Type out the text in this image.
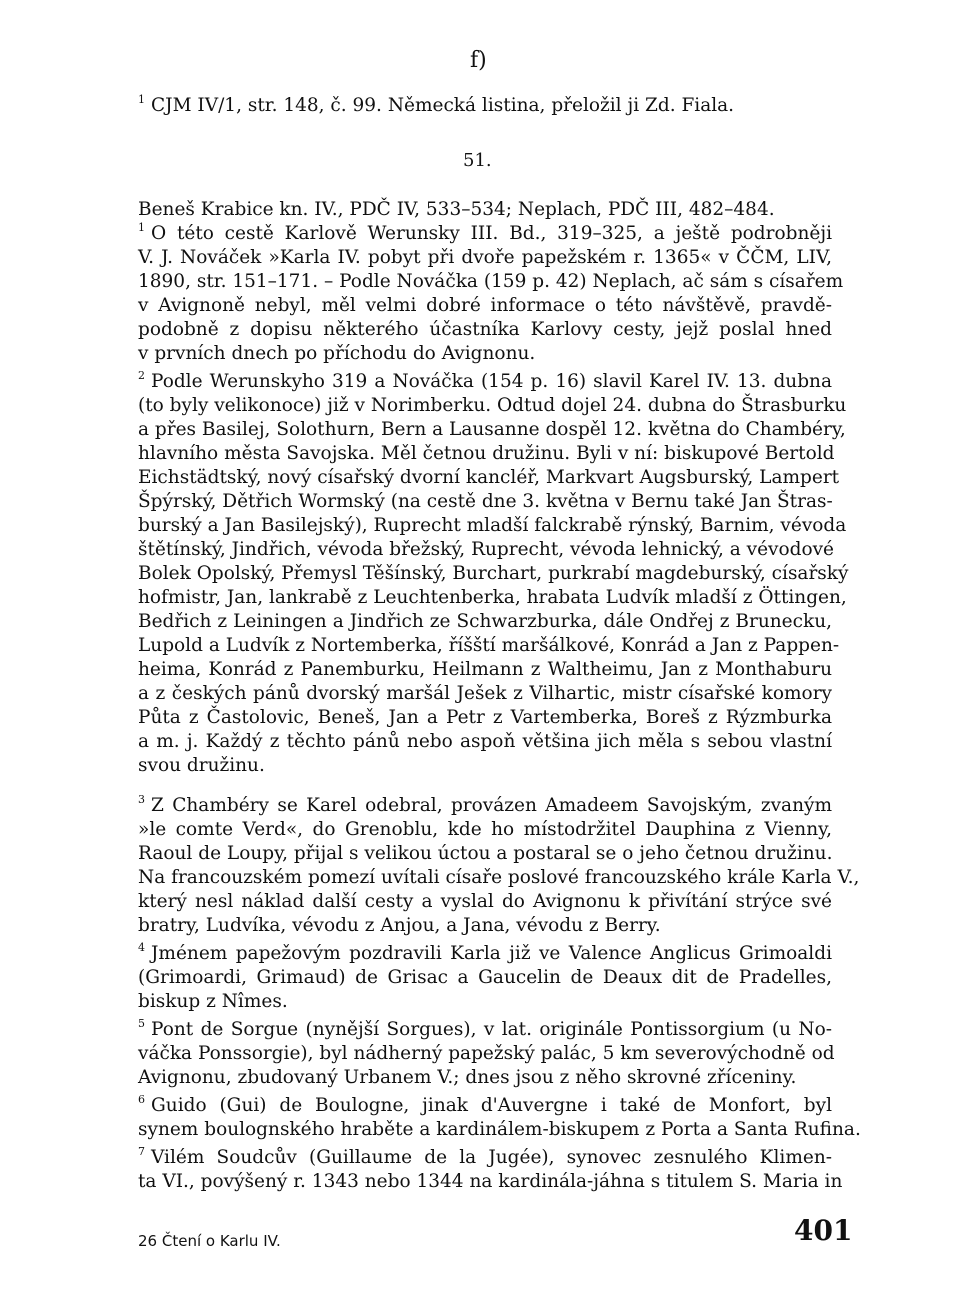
f)
51.
$^1$ CJM IV/1, str. 148, č. 99. Německá listina, přeložil ji Zd. Fiala.
Beneš Krabice kn. IV., PDČ IV, 533–534; Neplach, PDČ III, 482–484.
$^1$ O této cestě Karlově Werunsky III. Bd., 319–325, a ještě podrobněji
V. J. Nováček »Karla IV. pobyt při dvoře papežském r. 1365« v ČČM, LIV,
1890, str. 151–171. – Podle Nováčka (159 p. 42) Neplach, ač sám s císařem
v Avignoně nebyl, měl velmi dobré informace o této návštěvě, pravdě-
podobně z dopisu některého účastníka Karlovy cesty, jejž poslal hned
v prvních dnech po příchodu do Avignonu.
$^2$ Podle Werunskyho 319 a Nováčka (154 p. 16) slavil Karel IV. 13. dubna
(to byly velikonoce) již v Norimberku. Odtud dojel 24. dubna do Štrasburku
a přes Basilej, Solothurn, Bern a Lausanne dospěl 12. května do Chambéry,
hlavního města Savojska. Měl četnou družinu. Byli v ní: biskupové Bertold
Eichstädtský, nový císařský dvorní kancléř, Markvart Augsburský, Lampert
Špýrský, Dětřich Wormský (na cestě dne 3. května v Bernu také Jan Štras-
burský a Jan Basilejský), Ruprecht mladší falckrabě rýnský, Barnim, vévoda
štětínský, Jindřich, vévoda břežský, Ruprecht, vévoda lehnický, a vévodové
Bolek Opolský, Přemysl Těšínský, Burchart, purkrabí magdeburský, císařský
hofmistr, Jan, lankrabě z Leuchtenberka, hrabata Ludvík mladší z Öttingen,
Bedřich z Leiningen a Jindřich ze Schwarzburka, dále Ondřej z Brunecku,
Lupold a Ludvík z Nortemberka, říšští maršálkové, Konrád a Jan z Pappen-
heima, Konrád z Panemburku, Heilmann z Waltheimu, Jan z Monthaburu
a z českých pánů dvorský maršál Ješek z Vilhartic, mistr císařské komory
Půta z Častolovic, Beneš, Jan a Petr z Vartemberka, Boreš z Rýzmburka
a m. j. Každý z těchto pánů nebo aspoň většina jich měla s sebou vlastní
svou družinu.
$^3$ Z Chambéry se Karel odebral, provázen Amadeem Savojským, zvaným
»le comte Verd«, do Grenoblu, kde ho místodržitel Dauphina z Vienny,
Raoul de Loupy, přijal s velikou úctou a postaral se o jeho četnou družinu.
Na francouzském pomezí uvítali císaře poslové francouzského krále Karla V.,
který nesl náklad další cesty a vyslal do Avignonu k přivítání strýce své
bratry, Ludvíka, vévodu z Anjou, a Jana, vévodu z Berry.
$^4$ Jménem papežovým pozdravili Karla již ve Valence Anglicus Grimoaldi
(Grimoardi, Grimaud) de Grisac a Gaucelin de Deaux dit de Pradelles,
biskup z Nîmes.
$^5$ Pont de Sorgue (nynější Sorgues), v lat. originále Pontissorgium (u No-
váčka Ponssorgie), byl nádherný papežský palác, 5 km severovýchodně od
Avignonu, zbudovaný Urbanem V.; dnes jsou z něho skrovné zříceniny.
$^6$ Guido (Gui) de Boulogne, jinak d'Auvergne i také de Monfort, byl
synem boulognského hraběte a kardinálem-biskupem z Porta a Santa Rufina.
$^7$ Vilém Soudcův (Guillaume de la Jugée), synovec zesnulého Klimen-
ta VI., povýšený r. 1343 nebo 1344 na kardinála-jáhna s titulem S. Maria in
26 Čtení o Karlu IV.	401
